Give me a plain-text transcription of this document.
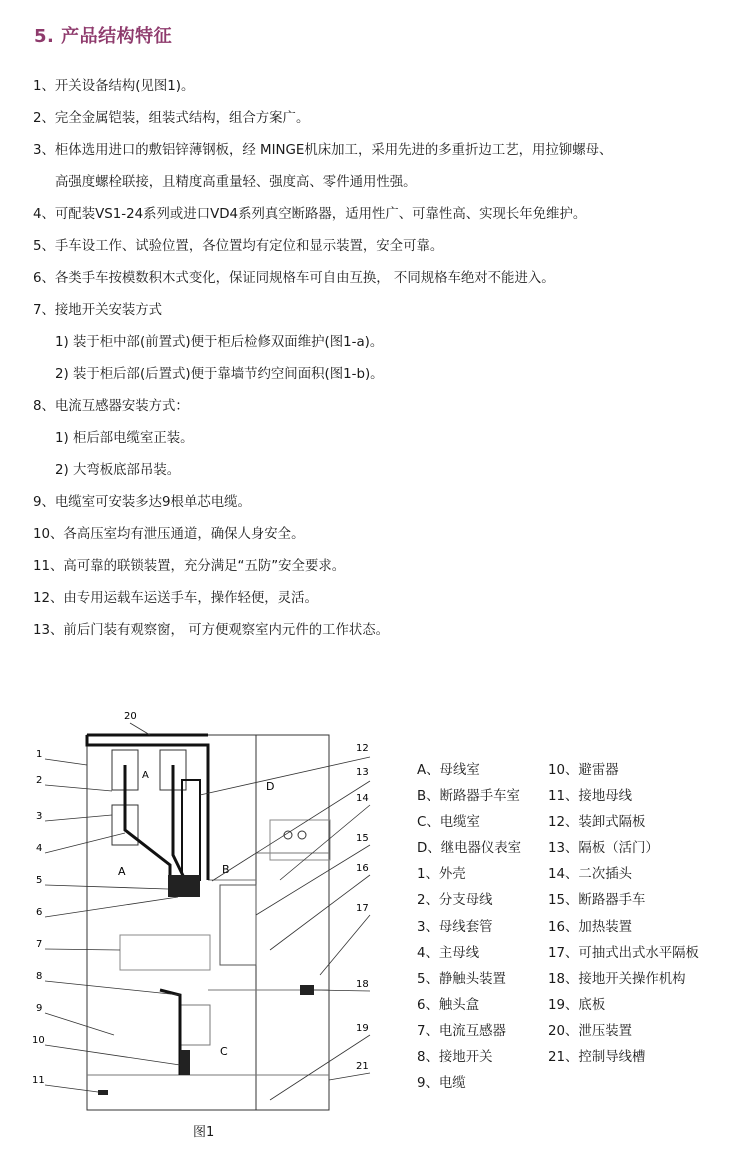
5. 产品结构特征
1、开关设备结构(见图1)。
2、完全金属铠装，组装式结构，组合方案广。
3、柜体选用进口的敷铝锌薄钢板，经 MINGE机床加工，采用先进的多重折边工艺，用拉铆螺母、
高强度螺栓联接，且精度高重量轻、强度高、零件通用性强。
4、可配装VS1-24系列或进口VD4系列真空断路器，适用性广、可靠性高、实现长年免维护。
5、手车设工作、试验位置，各位置均有定位和显示装置，安全可靠。
6、各类手车按模数积木式变化，保证同规格车可自由互换， 不同规格车绝对不能进入。
7、接地开关安装方式
1) 装于柜中部(前置式)便于柜后检修双面维护(图1-a)。
2) 装于柜后部(后置式)便于靠墙节约空间面积(图1-b)。
8、电流互感器安装方式：
1) 柜后部电缆室正装。
2) 大弯板底部吊装。
9、电缆室可安装多达9根单芯电缆。
10、各高压室均有泄压通道，确保人身安全。
11、高可靠的联锁装置，充分满足“五防”安全要求。
12、由专用运载车运送手车，操作轻便，灵活。
13、前后门装有观察窗， 可方便观察室内元件的工作状态。
A
A	B
C
D
1
2
3
4
5
6
7
8
9
10
11
20
12
13
14
15
16
17
18
19
21
图1
A、母线室	10、避雷器
B、断路器手车室	11、接地母线
C、电缆室	12、装卸式隔板
D、继电器仪表室	13、隔板（活门）
1、外壳	14、二次插头
2、分支母线	15、断路器手车
3、母线套管	16、加热装置
4、主母线	17、可抽式出式水平隔板
5、静触头装置	18、接地开关操作机构
6、触头盒	19、底板
7、电流互感器	20、泄压装置
8、接地开关	21、控制导线槽
9、电缆
